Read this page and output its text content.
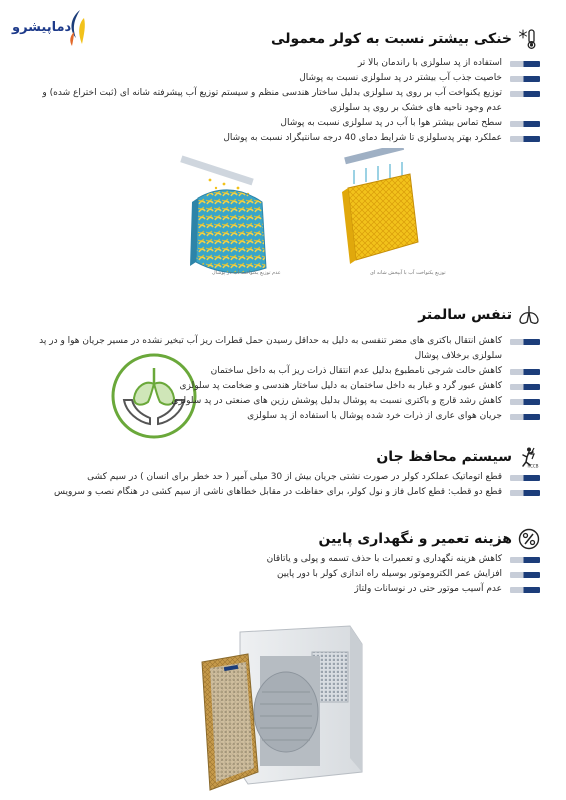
دماپیشرو
خنکی بیشتر نسبت به کولر معمولی
استفاده از پد سلولزی با راندمان بالا تر
خاصیت جذب آب بیشتر در پد سلولزی نسبت به پوشال
توزیع یکنواخت آب بر روی پد سلولزی بدلیل ساختار هندسی منظم و سیستم توزیع آب پیشرفته شانه ای (ثبت اختراع شده) و عدم وجود ناحیه های خشک بر روی پد سلولزی
سطح تماس بیشتر هوا با آب در پد سلولزی نسبت به پوشال
عملکرد بهتر پدسلولزی تا شرایط دمای 40 درجه سانتیگراد نسبت به پوشال
عدم توزیع یکنواخت آب در پوشال	توزیع یکنواخت آب با آبپخش شانه ای
تنفس سالمتر
کاهش انتقال باکتری های مضر تنفسی به دلیل به حداقل رسیدن حمل قطرات ریز آب تبخیر نشده در مسیر جریان هوا و در پد سلولزی برخلاف پوشال
کاهش حالت شرجی نامطبوع بدلیل عدم انتقال ذرات ریز آب به داخل ساختمان
کاهش عبور گرد و غبار به داخل ساختمان به دلیل ساختار هندسی و ضخامت پد سلولزی
کاهش رشد قارچ و باکتری نسبت به پوشال بدلیل پوشش رزین های صنعتی در پد سلولزی
جریان هوای عاری از ذرات خرد شده پوشال با استفاده از پد سلولزی
RCCB
سیستم محافظ جان
قطع اتوماتیک عملکرد کولر در صورت نشتی جریان بیش از 30 میلی آمپر ( حد خطر برای انسان ) در سیم کشی
قطع دو قطب: قطع کامل فاز و نول کولر، برای حفاظت در مقابل خطاهای ناشی از سیم کشی در هنگام نصب و سرویس
هزینه تعمیر و نگهداری پایین
کاهش هزینه نگهداری و تعمیرات با حذف تسمه و پولی و یاتاقان
افزایش عمر الکتروموتور بوسیله راه اندازی کولر با دور پایین
عدم آسیب موتور حتی در نوسانات ولتاژ
